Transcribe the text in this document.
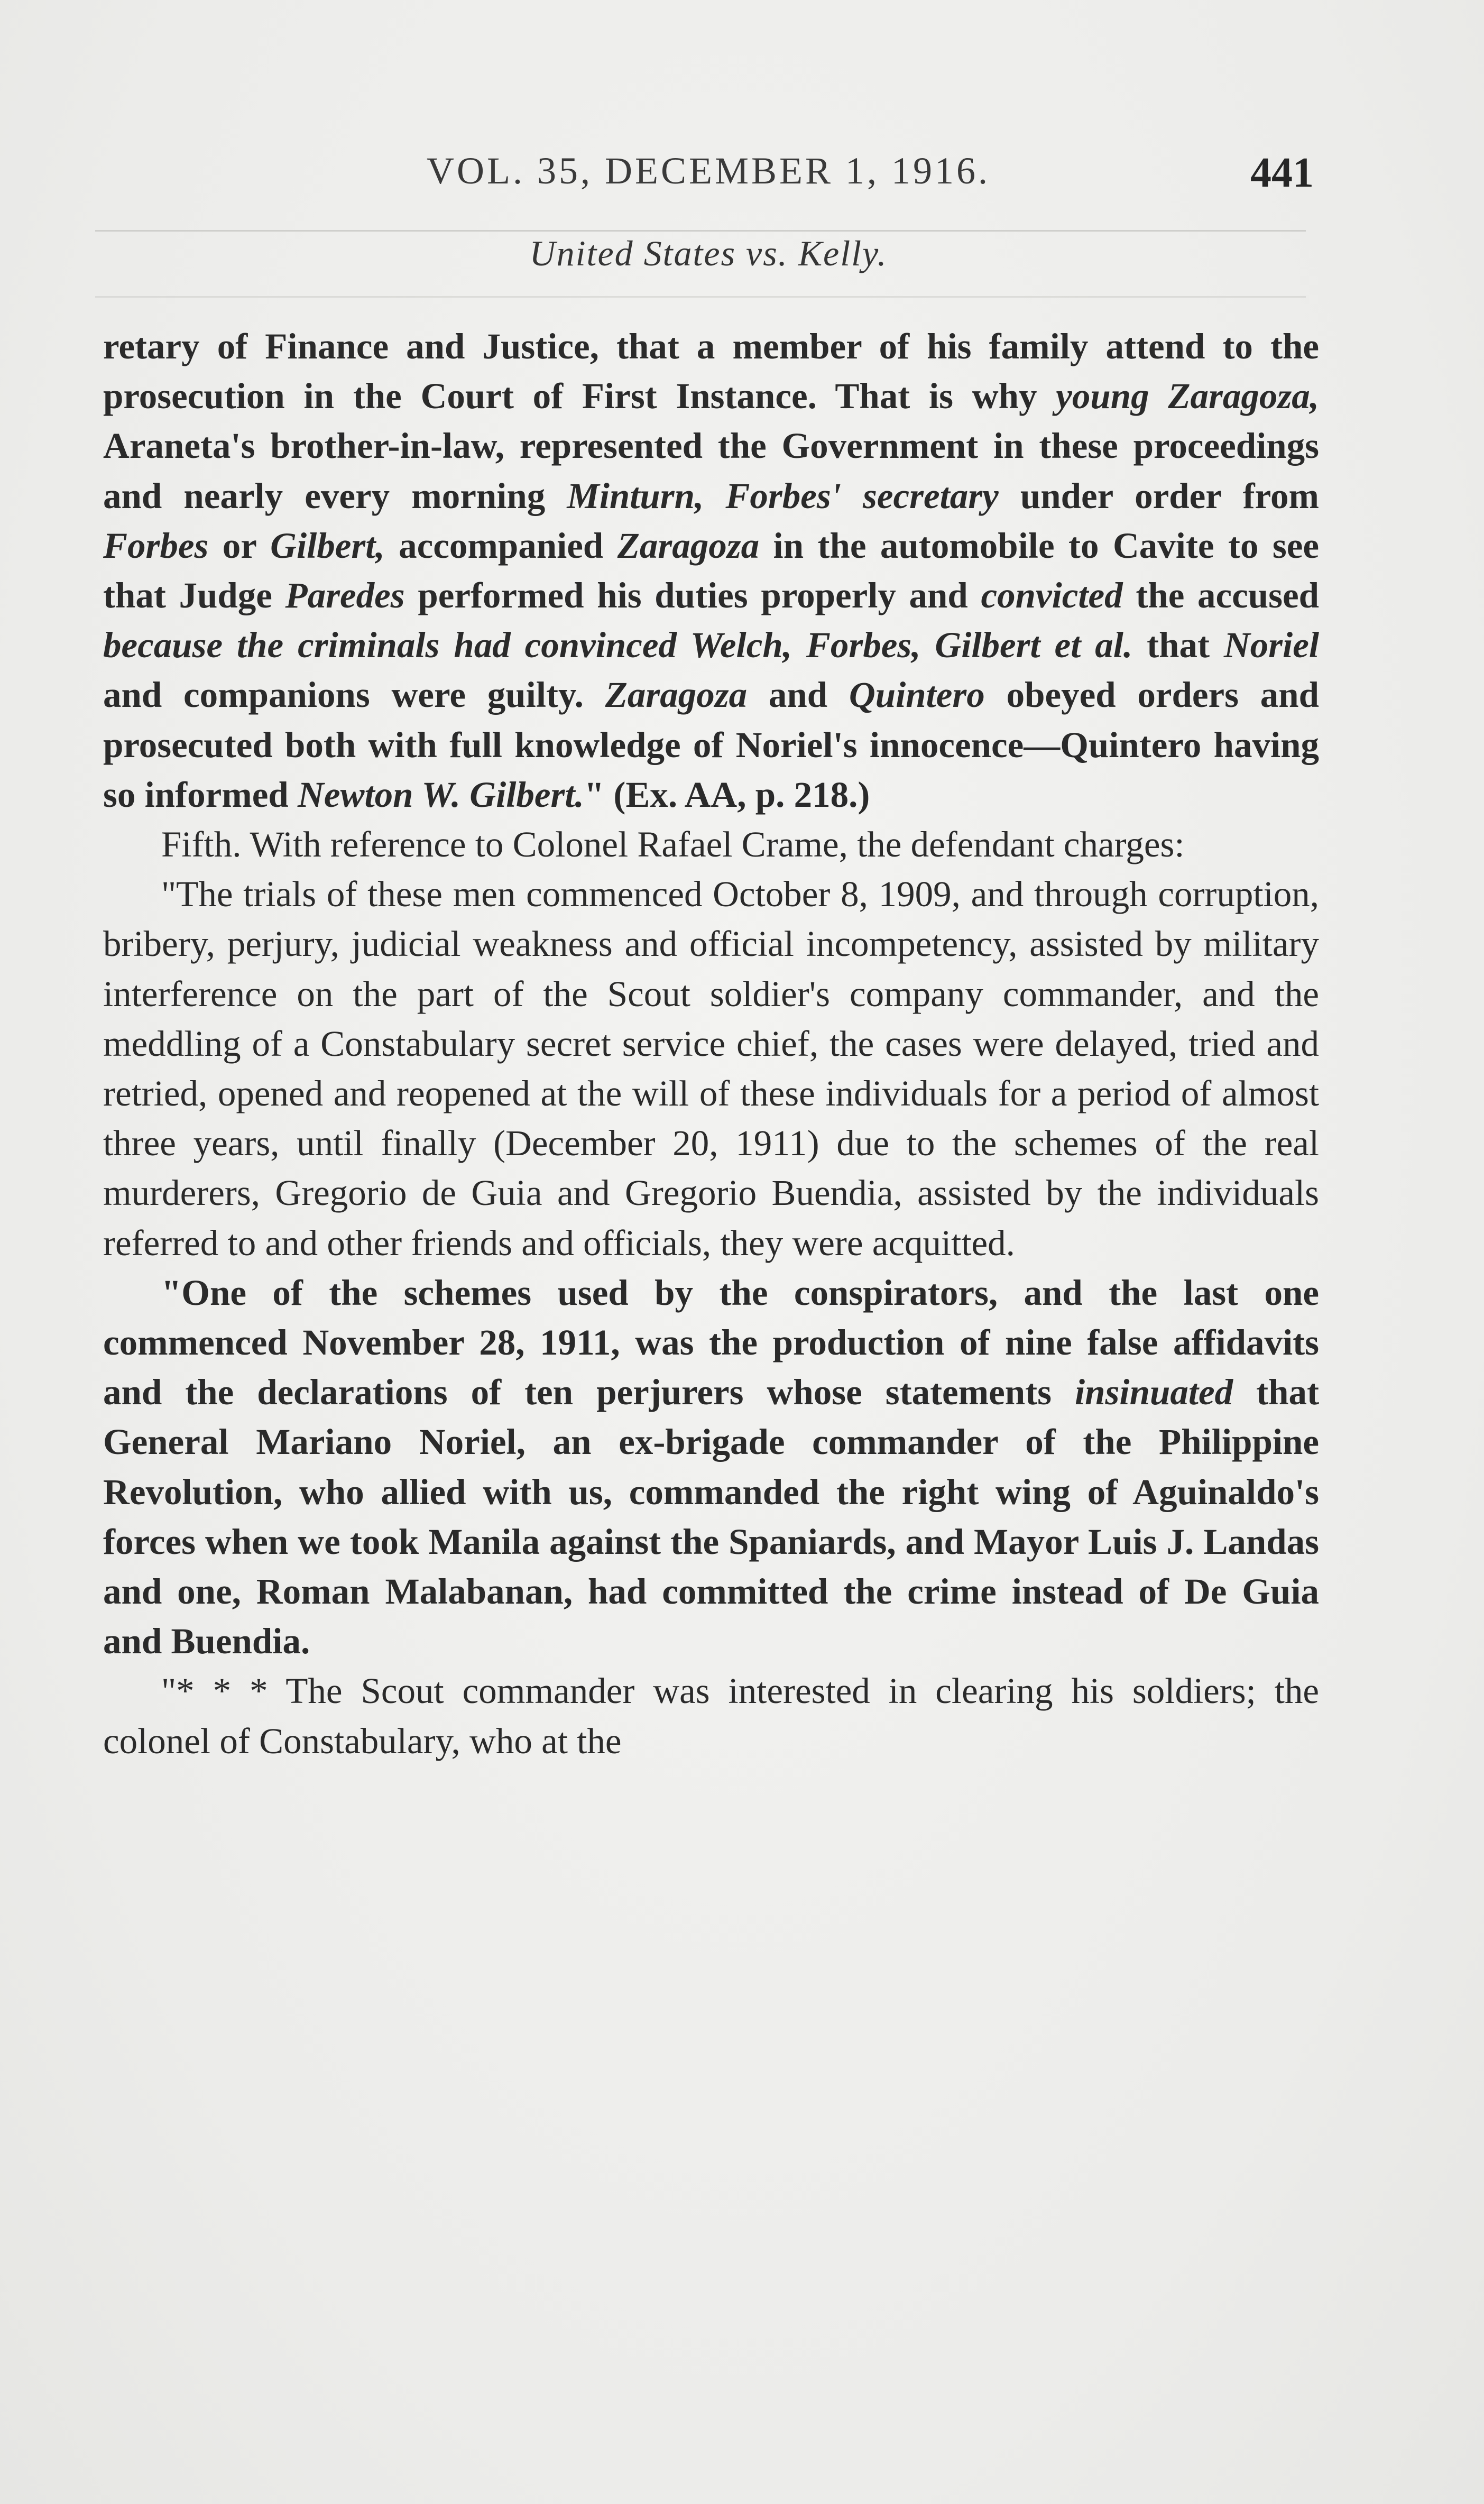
VOL. 35, DECEMBER 1, 1916.	441
United States vs. Kelly.

retary of Finance and Justice, that a member of his family attend to the prosecution in the Court of First Instance. That is why young Zaragoza, Araneta's brother-in-law, represented the Government in these proceedings and nearly every morning Minturn, Forbes' secretary under order from Forbes or Gilbert, accompanied Zaragoza in the automobile to Cavite to see that Judge Paredes performed his duties properly and convicted the accused because the criminals had convinced Welch, Forbes, Gilbert et al. that Noriel and companions were guilty. Zaragoza and Quintero obeyed orders and prosecuted both with full knowledge of Noriel's innocence—Quintero having so informed Newton W. Gilbert." (Ex. AA, p. 218.)

Fifth. With reference to Colonel Rafael Crame, the defendant charges:

"The trials of these men commenced October 8, 1909, and through corruption, bribery, perjury, judicial weakness and official incompetency, assisted by military interference on the part of the Scout soldier's company commander, and the meddling of a Constabulary secret service chief, the cases were delayed, tried and retried, opened and reopened at the will of these individuals for a period of almost three years, until finally (December 20, 1911) due to the schemes of the real murderers, Gregorio de Guia and Gregorio Buendia, assisted by the individuals referred to and other friends and officials, they were acquitted.

"One of the schemes used by the conspirators, and the last one commenced November 28, 1911, was the production of nine false affidavits and the declarations of ten perjurers whose statements insinuated that General Mariano Noriel, an ex-brigade commander of the Philippine Revolution, who allied with us, commanded the right wing of Aguinaldo's forces when we took Manila against the Spaniards, and Mayor Luis J. Landas and one, Roman Malabanan, had committed the crime instead of De Guia and Buendia.

"* * * The Scout commander was interested in clearing his soldiers; the colonel of Constabulary, who at the
